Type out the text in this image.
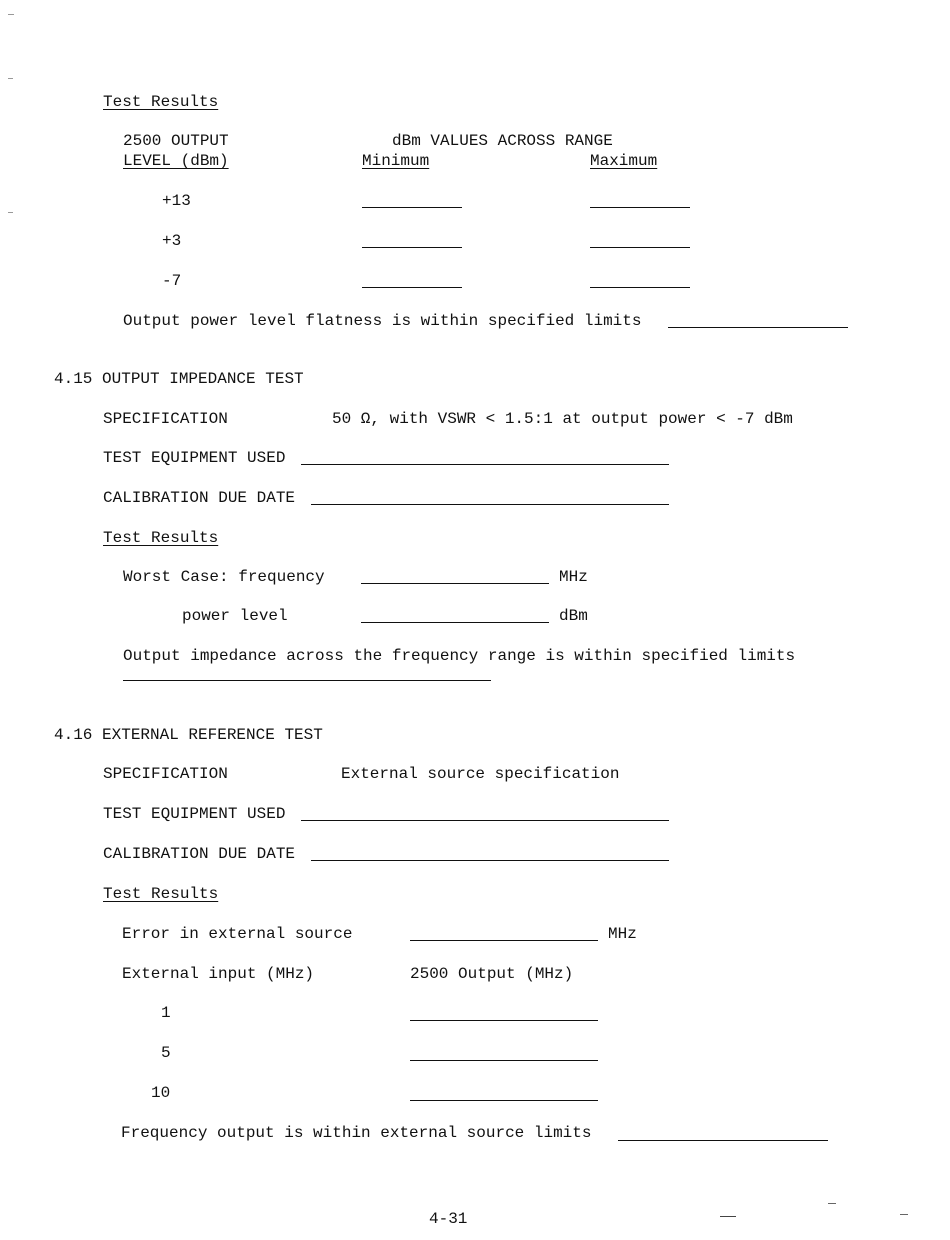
Test Results
2500 OUTPUT
LEVEL (dBm)
dBm VALUES ACROSS RANGE
Minimum	Maximum
+13
+3
-7
Output power level flatness is within specified limits
4.15 OUTPUT IMPEDANCE TEST
SPECIFICATION	50 Ω, with VSWR < 1.5:1 at output power < -7 dBm
TEST EQUIPMENT USED
CALIBRATION DUE DATE
Test Results
Worst Case: frequency	MHz
power level	dBm
Output impedance across the frequency range is within specified limits
4.16 EXTERNAL REFERENCE TEST
SPECIFICATION	External source specification
TEST EQUIPMENT USED
CALIBRATION DUE DATE
Test Results
Error in external source	MHz
External input (MHz)	2500 Output (MHz)
1
5
10
Frequency output is within external source limits
4-31
